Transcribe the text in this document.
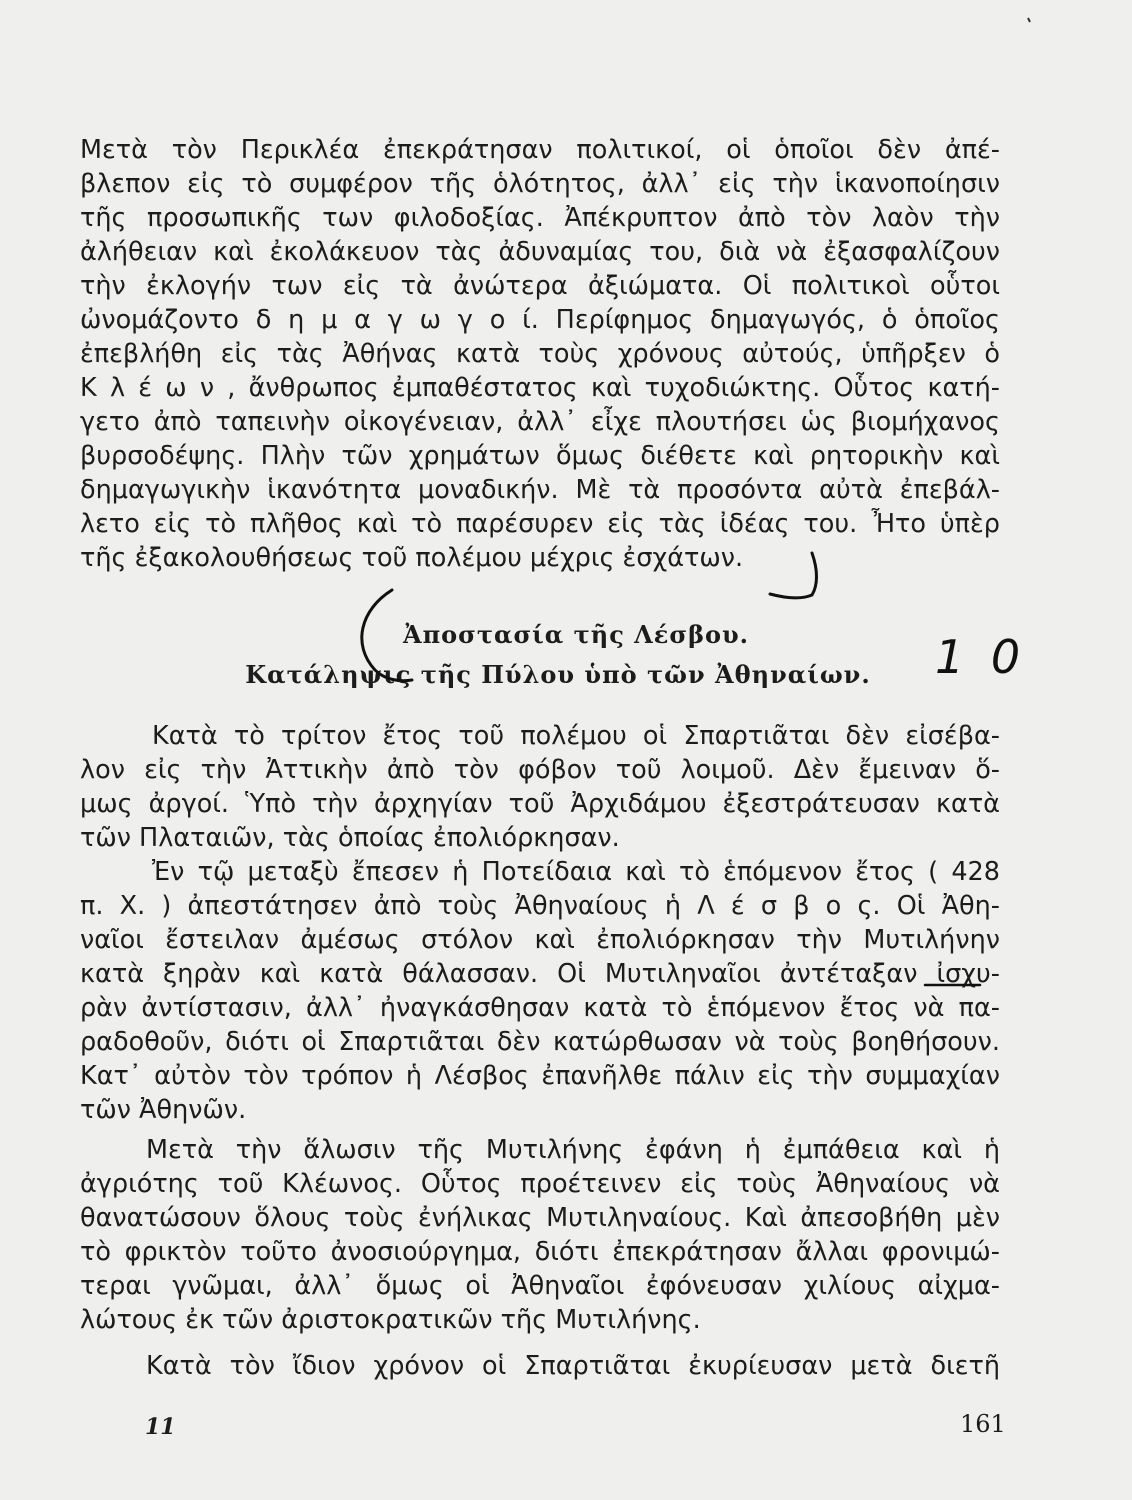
Μετὰ τὸν Περικλέα ἐπεκράτησαν πολιτικοί, οἱ ὁποῖοι δὲν ἀπέ-
βλεπον εἰς τὸ συμφέρον τῆς ὁλότητος, ἀλλ᾽ εἰς τὴν ἱκανοποίησιν
τῆς προσωπικῆς των φιλοδοξίας. Ἀπέκρυπτον ἀπὸ τὸν λαὸν τὴν
ἀλήθειαν καὶ ἐκολάκευον τὰς ἀδυναμίας του, διὰ νὰ ἐξασφαλίζουν
τὴν ἐκλογήν των εἰς τὰ ἀνώτερα ἀξιώματα. Οἱ πολιτικοὶ οὗτοι
ὠνομάζοντο δ η μ α γ ω γ ο ί. Περίφημος δημαγωγός, ὁ ὁποῖος
ἐπεβλήθη εἰς τὰς Ἀθήνας κατὰ τοὺς χρόνους αὐτούς, ὑπῆρξεν ὁ
Κ λ έ ω ν , ἄνθρωπος ἐμπαθέστατος καὶ τυχοδιώκτης. Οὗτος κατή-
γετο ἀπὸ ταπεινὴν οἰκογένειαν, ἀλλ᾽ εἶχε πλουτήσει ὡς βιομήχανος
βυρσοδέψης. Πλὴν τῶν χρημάτων ὅμως διέθετε καὶ ρητορικὴν καὶ
δημαγωγικὴν ἱκανότητα μοναδικήν. Μὲ τὰ προσόντα αὐτὰ ἐπεβάλ-
λετο εἰς τὸ πλῆθος καὶ τὸ παρέσυρεν εἰς τὰς ἰδέας του. Ἦτο ὑπὲρ
τῆς ἐξακολουθήσεως τοῦ πολέμου μέχρις ἐσχάτων.
Ἀποστασία τῆς Λέσβου.
Κατάληψις τῆς Πύλου ὑπὸ τῶν Ἀθηναίων.	1 0
Κατὰ τὸ τρίτον ἔτος τοῦ πολέμου οἱ Σπαρτιᾶται δὲν εἰσέβα-
λον εἰς τὴν Ἀττικὴν ἀπὸ τὸν φόβον τοῦ λοιμοῦ. Δὲν ἔμειναν ὅ-
μως ἀργοί. Ὑπὸ τὴν ἀρχηγίαν τοῦ Ἀρχιδάμου ἐξεστράτευσαν κατὰ
τῶν Πλαταιῶν, τὰς ὁποίας ἐπολιόρκησαν.
Ἐν τῷ μεταξὺ ἔπεσεν ἡ Ποτείδαια καὶ τὸ ἑπόμενον ἔτος ( 428
π. Χ. ) ἀπεστάτησεν ἀπὸ τοὺς Ἀθηναίους ἡ Λ έ σ β ο ς. Οἱ Ἀθη-
ναῖοι ἔστειλαν ἀμέσως στόλον καὶ ἐπολιόρκησαν τὴν Μυτιλήνην
κατὰ ξηρὰν καὶ κατὰ θάλασσαν. Οἱ Μυτιληναῖοι ἀντέταξαν ἰσχυ-
ρὰν ἀντίστασιν, ἀλλ᾽ ἠναγκάσθησαν κατὰ τὸ ἑπόμενον ἔτος νὰ πα-
ραδοθοῦν, διότι οἱ Σπαρτιᾶται δὲν κατώρθωσαν νὰ τοὺς βοηθήσουν.
Κατ᾽ αὐτὸν τὸν τρόπον ἡ Λέσβος ἐπανῆλθε πάλιν εἰς τὴν συμμαχίαν
τῶν Ἀθηνῶν.
Μετὰ τὴν ἅλωσιν τῆς Μυτιλήνης ἐφάνη ἡ ἐμπάθεια καὶ ἡ
ἀγριότης τοῦ Κλέωνος. Οὗτος προέτεινεν εἰς τοὺς Ἀθηναίους νὰ
θανατώσουν ὅλους τοὺς ἐνήλικας Μυτιληναίους. Καὶ ἀπεσοβήθη μὲν
τὸ φρικτὸν τοῦτο ἀνοσιούργημα, διότι ἐπεκράτησαν ἄλλαι φρονιμώ-
τεραι γνῶμαι, ἀλλ᾽ ὅμως οἱ Ἀθηναῖοι ἐφόνευσαν χιλίους αἰχμα-
λώτους ἐκ τῶν ἀριστοκρατικῶν τῆς Μυτιλήνης.
Κατὰ τὸν ἴδιον χρόνον οἱ Σπαρτιᾶται ἐκυρίευσαν μετὰ διετῆ
11	161
